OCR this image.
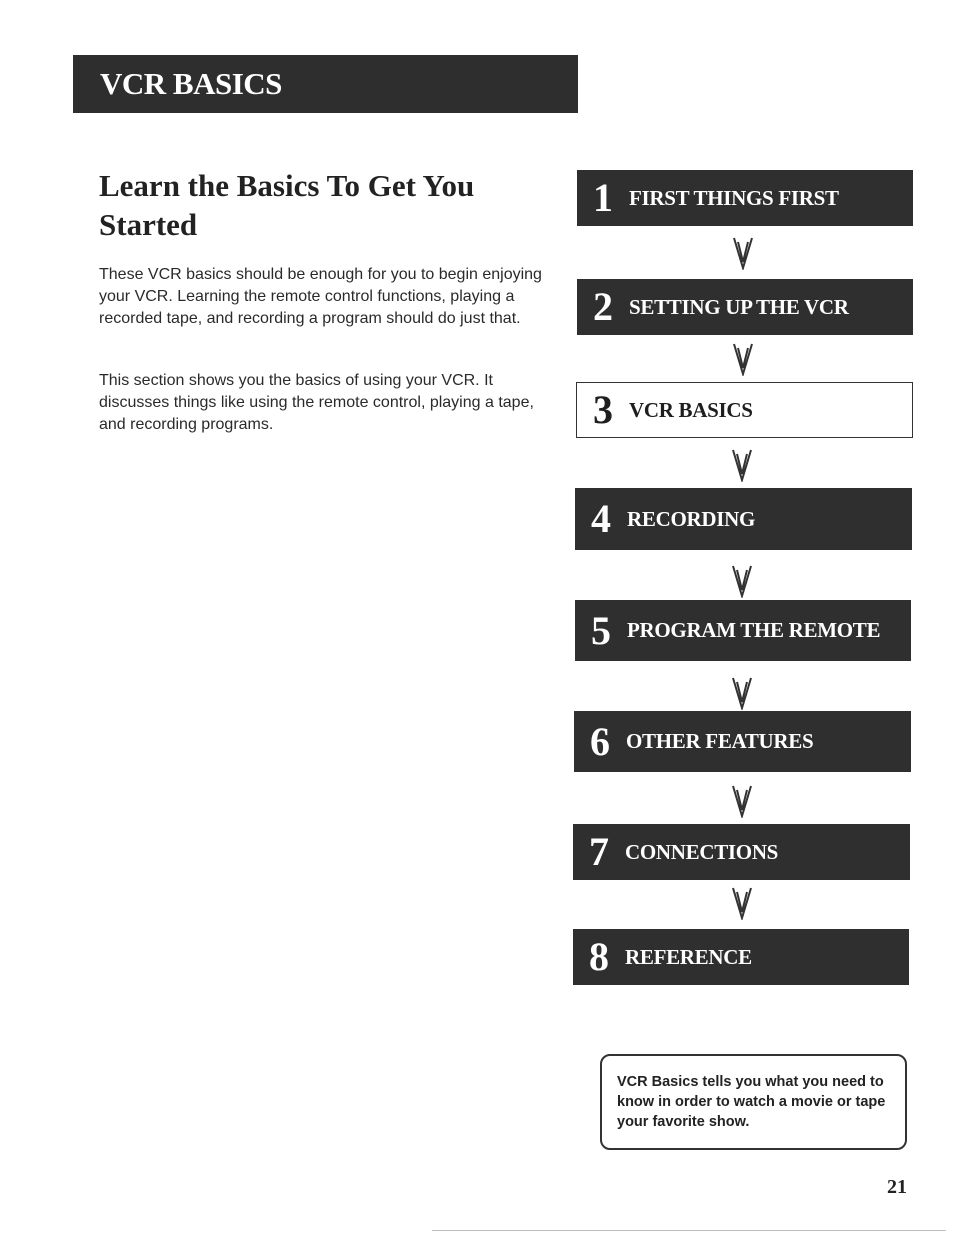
VCR BASICS
Learn the Basics To Get You Started

These VCR basics should be enough for you to begin enjoying your VCR. Learning the remote control functions, playing a recorded tape, and recording a program should do just that.

This section shows you the basics of using your VCR. It discusses things like using the remote control, playing a tape, and recording programs.

1 FIRST THINGS FIRST
2 SETTING UP THE VCR
3 VCR BASICS
4 RECORDING
5 PROGRAM THE REMOTE
6 OTHER FEATURES
7 CONNECTIONS
8 REFERENCE
VCR Basics tells you what you need to know in order to watch a movie or tape your favorite show.
21
